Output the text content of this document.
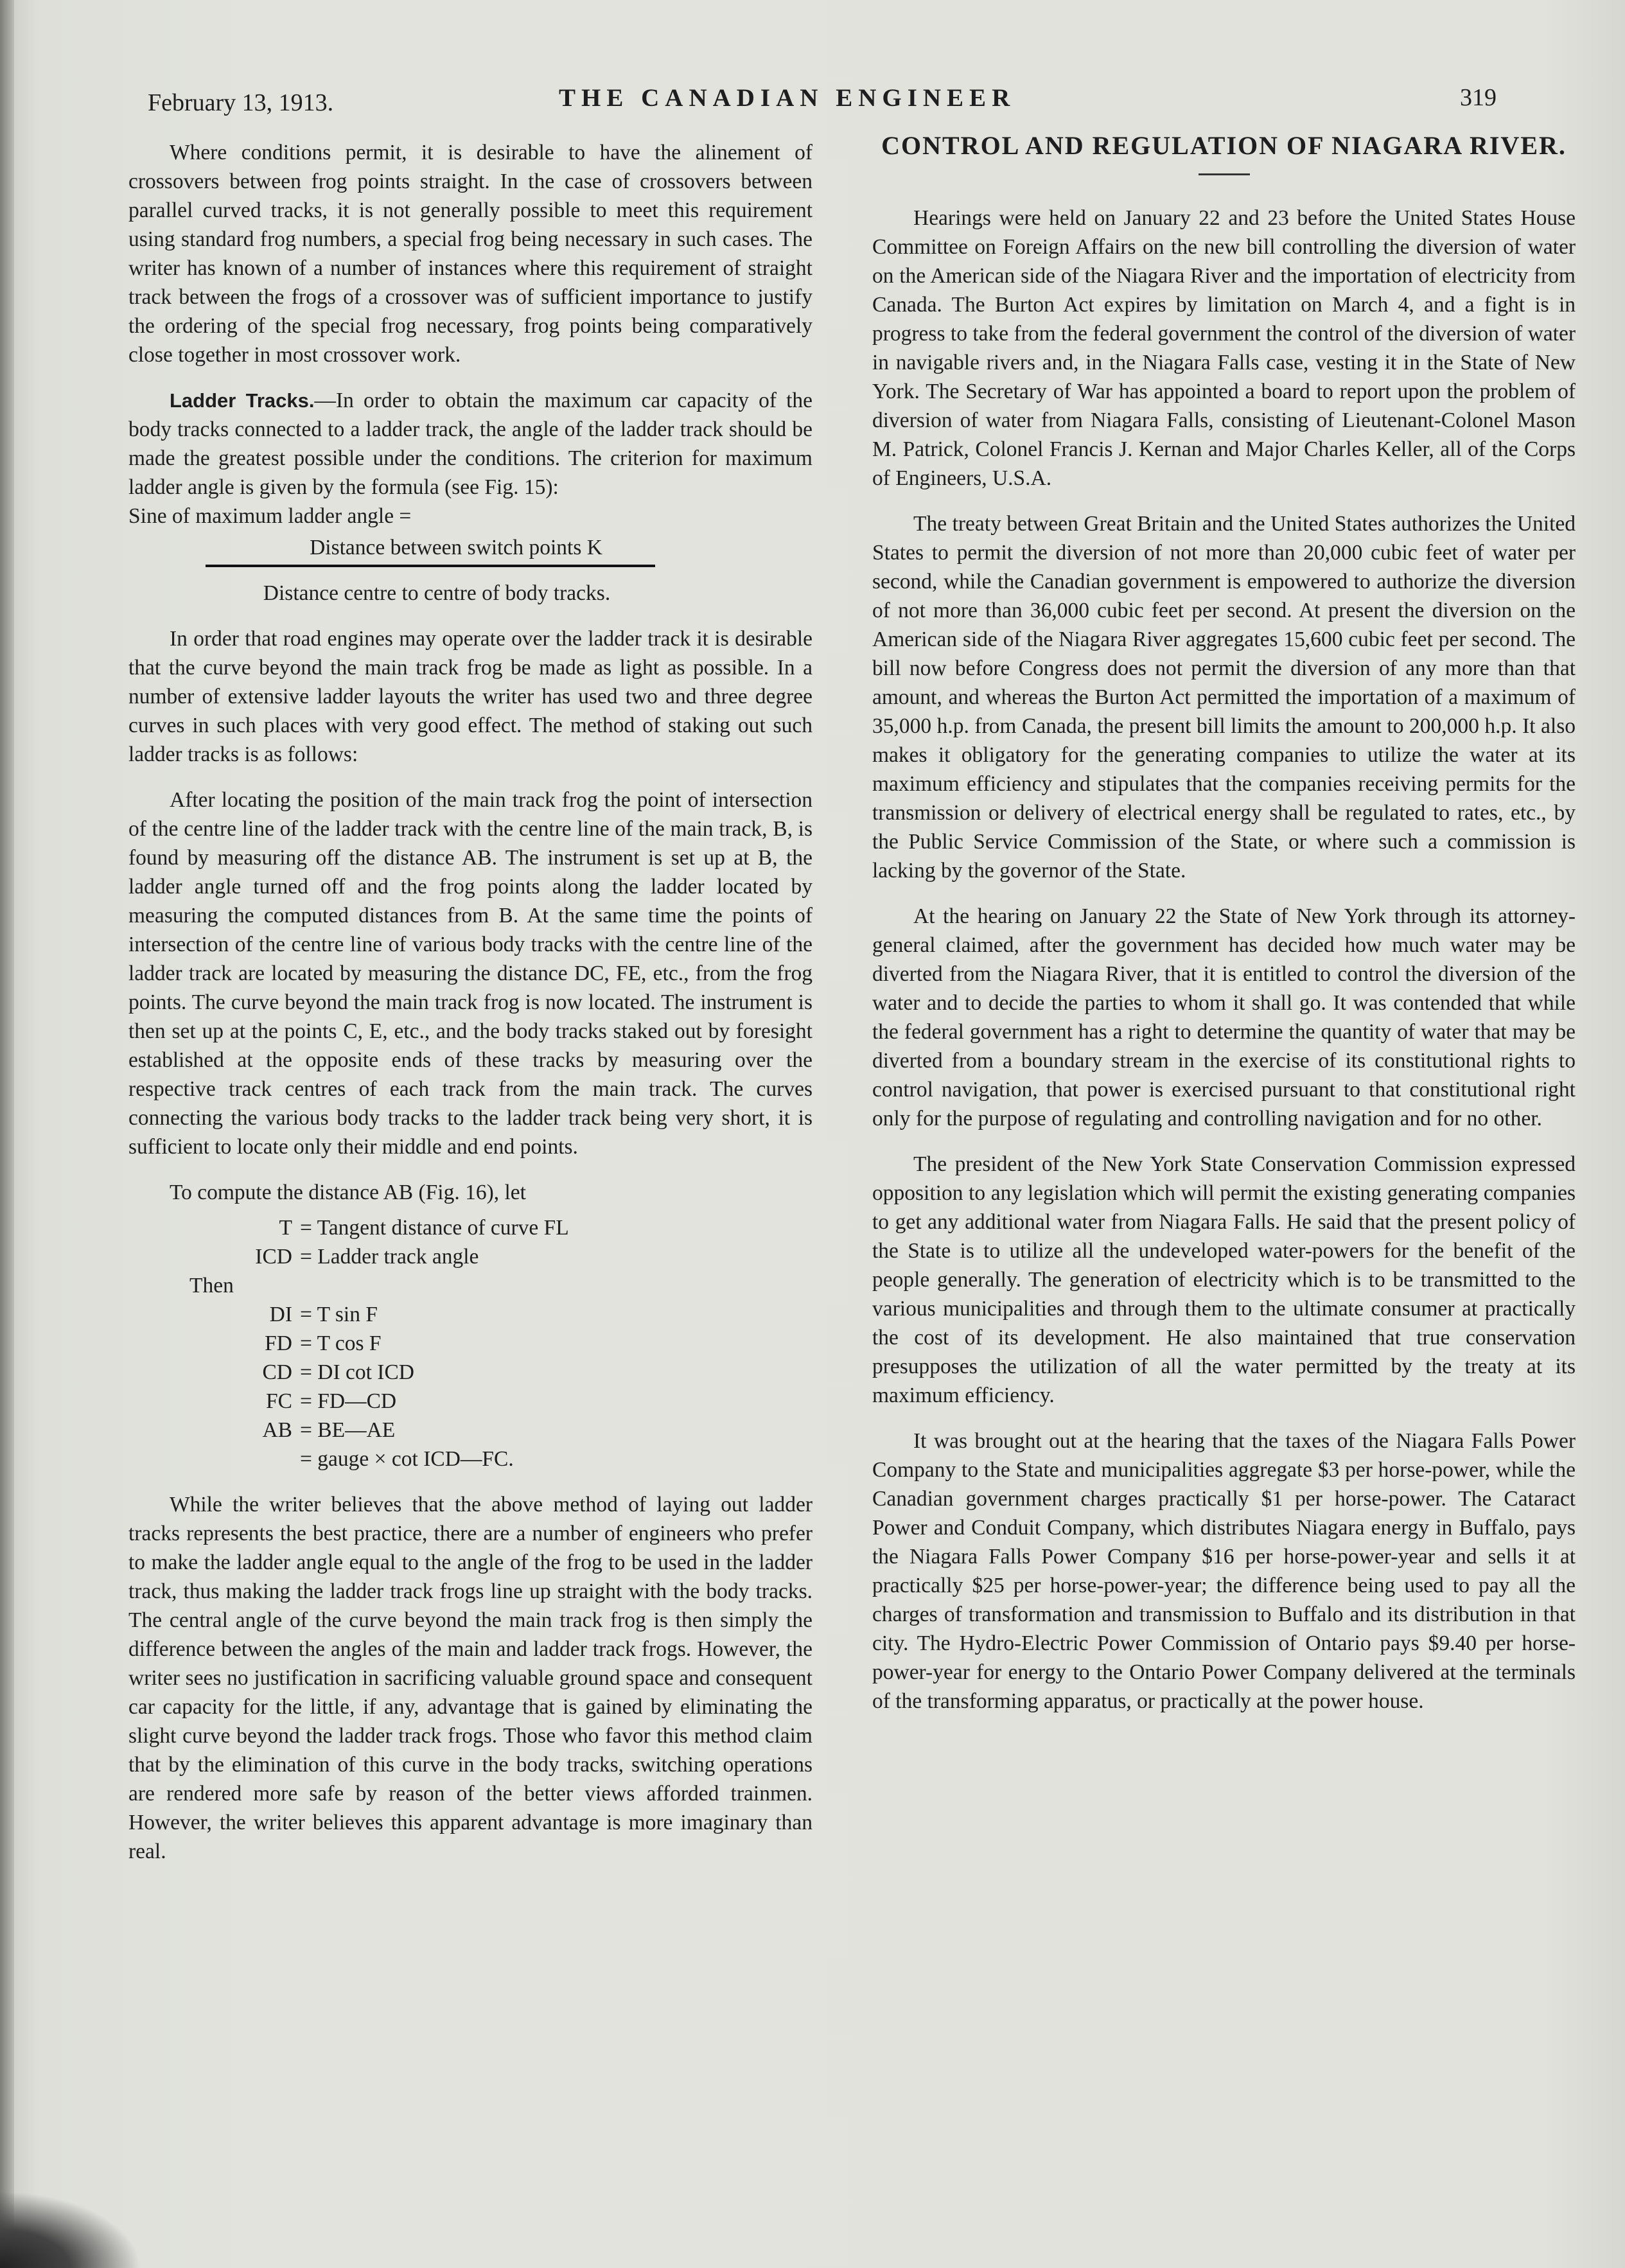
February 13, 1913.	THE CANADIAN ENGINEER	319

Where conditions permit, it is desirable to have the alinement of crossovers between frog points straight. In the case of crossovers between parallel curved tracks, it is not generally possible to meet this requirement using standard frog numbers, a special frog being necessary in such cases. The writer has known of a number of instances where this requirement of straight track between the frogs of a crossover was of sufficient importance to justify the ordering of the special frog necessary, frog points being comparatively close together in most crossover work.

Ladder Tracks.—In order to obtain the maximum car capacity of the body tracks connected to a ladder track, the angle of the ladder track should be made the greatest possible under the conditions. The criterion for maximum ladder angle is given by the formula (see Fig. 15):

Sine of maximum ladder angle =
Distance between switch points K
Distance centre to centre of body tracks.

In order that road engines may operate over the ladder track it is desirable that the curve beyond the main track frog be made as light as possible. In a number of extensive ladder layouts the writer has used two and three degree curves in such places with very good effect. The method of staking out such ladder tracks is as follows:

After locating the position of the main track frog the point of intersection of the centre line of the ladder track with the centre line of the main track, B, is found by measuring off the distance AB. The instrument is set up at B, the ladder angle turned off and the frog points along the ladder located by measuring the computed distances from B. At the same time the points of intersection of the centre line of various body tracks with the centre line of the ladder track are located by measuring the distance DC, FE, etc., from the frog points. The curve beyond the main track frog is now located. The instrument is then set up at the points C, E, etc., and the body tracks staked out by foresight established at the opposite ends of these tracks by measuring over the respective track centres of each track from the main track. The curves connecting the various body tracks to the ladder track being very short, it is sufficient to locate only their middle and end points.

To compute the distance AB (Fig. 16), let

T = Tangent distance of curve FL
ICD = Ladder track angle
Then
DI = T sin F
FD = T cos F
CD = DI cot ICD
FC = FD—CD
AB = BE—AE
= gauge × cot ICD—FC.

While the writer believes that the above method of laying out ladder tracks represents the best practice, there are a number of engineers who prefer to make the ladder angle equal to the angle of the frog to be used in the ladder track, thus making the ladder track frogs line up straight with the body tracks. The central angle of the curve beyond the main track frog is then simply the difference between the angles of the main and ladder track frogs. However, the writer sees no justification in sacrificing valuable ground space and consequent car capacity for the little, if any, advantage that is gained by eliminating the slight curve beyond the ladder track frogs. Those who favor this method claim that by the elimination of this curve in the body tracks, switching operations are rendered more safe by reason of the better views afforded trainmen. However, the writer believes this apparent advantage is more imaginary than real.

CONTROL AND REGULATION OF NIAGARA RIVER.

Hearings were held on January 22 and 23 before the United States House Committee on Foreign Affairs on the new bill controlling the diversion of water on the American side of the Niagara River and the importation of electricity from Canada. The Burton Act expires by limitation on March 4, and a fight is in progress to take from the federal government the control of the diversion of water in navigable rivers and, in the Niagara Falls case, vesting it in the State of New York. The Secretary of War has appointed a board to report upon the problem of diversion of water from Niagara Falls, consisting of Lieutenant-Colonel Mason M. Patrick, Colonel Francis J. Kernan and Major Charles Keller, all of the Corps of Engineers, U.S.A.

The treaty between Great Britain and the United States authorizes the United States to permit the diversion of not more than 20,000 cubic feet of water per second, while the Canadian government is empowered to authorize the diversion of not more than 36,000 cubic feet per second. At present the diversion on the American side of the Niagara River aggregates 15,600 cubic feet per second. The bill now before Congress does not permit the diversion of any more than that amount, and whereas the Burton Act permitted the importation of a maximum of 35,000 h.p. from Canada, the present bill limits the amount to 200,000 h.p. It also makes it obligatory for the generating companies to utilize the water at its maximum efficiency and stipulates that the companies receiving permits for the transmission or delivery of electrical energy shall be regulated to rates, etc., by the Public Service Commission of the State, or where such a commission is lacking by the governor of the State.

At the hearing on January 22 the State of New York through its attorney-general claimed, after the government has decided how much water may be diverted from the Niagara River, that it is entitled to control the diversion of the water and to decide the parties to whom it shall go. It was contended that while the federal government has a right to determine the quantity of water that may be diverted from a boundary stream in the exercise of its constitutional rights to control navigation, that power is exercised pursuant to that constitutional right only for the purpose of regulating and controlling navigation and for no other.

The president of the New York State Conservation Commission expressed opposition to any legislation which will permit the existing generating companies to get any additional water from Niagara Falls. He said that the present policy of the State is to utilize all the undeveloped water-powers for the benefit of the people generally. The generation of electricity which is to be transmitted to the various municipalities and through them to the ultimate consumer at practically the cost of its development. He also maintained that true conservation presupposes the utilization of all the water permitted by the treaty at its maximum efficiency.

It was brought out at the hearing that the taxes of the Niagara Falls Power Company to the State and municipalities aggregate $3 per horse-power, while the Canadian government charges practically $1 per horse-power. The Cataract Power and Conduit Company, which distributes Niagara energy in Buffalo, pays the Niagara Falls Power Company $16 per horse-power-year and sells it at practically $25 per horse-power-year; the difference being used to pay all the charges of transformation and transmission to Buffalo and its distribution in that city. The Hydro-Electric Power Commission of Ontario pays $9.40 per horse-power-year for energy to the Ontario Power Company delivered at the terminals of the transforming apparatus, or practically at the power house.
